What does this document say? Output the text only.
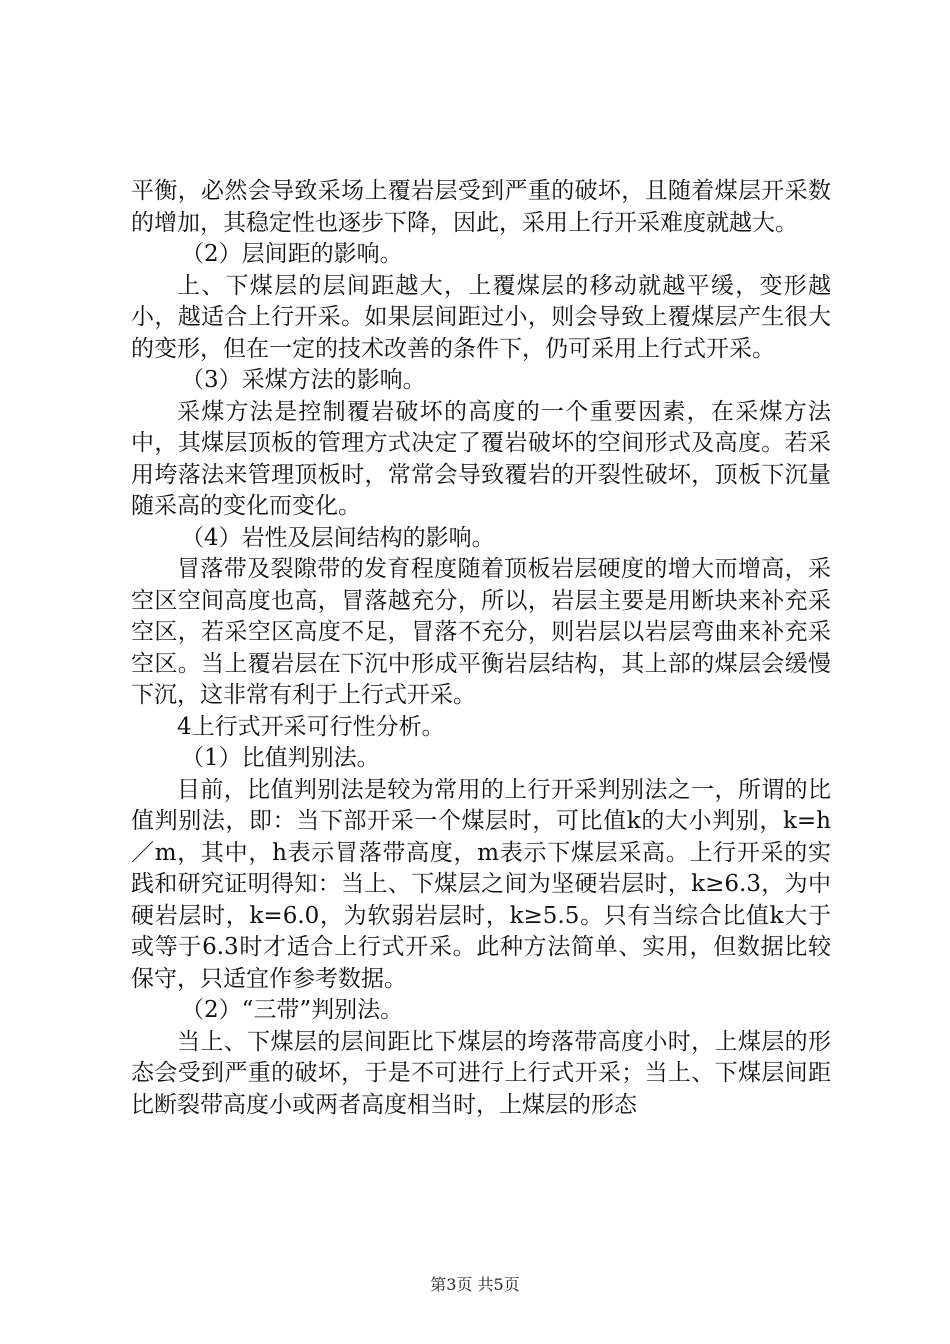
平衡，必然会导致采场上覆岩层受到严重的破坏，且随着煤层开采数的增加，其稳定性也逐步下降，因此，采用上行开采难度就越大。

（2）层间距的影响。

上、下煤层的层间距越大，上覆煤层的移动就越平缓，变形越小，越适合上行开采。如果层间距过小，则会导致上覆煤层产生很大的变形，但在一定的技术改善的条件下，仍可采用上行式开采。

（3）采煤方法的影响。

采煤方法是控制覆岩破坏的高度的一个重要因素，在采煤方法中，其煤层顶板的管理方式决定了覆岩破坏的空间形式及高度。若采用垮落法来管理顶板时，常常会导致覆岩的开裂性破坏，顶板下沉量随采高的变化而变化。

（4）岩性及层间结构的影响。

冒落带及裂隙带的发育程度随着顶板岩层硬度的增大而增高，采空区空间高度也高，冒落越充分，所以，岩层主要是用断块来补充采空区，若采空区高度不足，冒落不充分，则岩层以岩层弯曲来补充采空区。当上覆岩层在下沉中形成平衡岩层结构，其上部的煤层会缓慢下沉，这非常有利于上行式开采。

4上行式开采可行性分析。

（1）比值判别法。

目前，比值判别法是较为常用的上行开采判别法之一，所谓的比值判别法，即：当下部开采一个煤层时，可比值k的大小判别，k=h／m，其中，h表示冒落带高度，m表示下煤层采高。上行开采的实践和研究证明得知：当上、下煤层之间为坚硬岩层时，k≥6.3，为中硬岩层时，k=6.0，为软弱岩层时，k≥5.5。只有当综合比值k大于或等于6.3时才适合上行式开采。此种方法简单、实用，但数据比较保守，只适宜作参考数据。

（2）“三带”判别法。

当上、下煤层的层间距比下煤层的垮落带高度小时，上煤层的形态会受到严重的破坏，于是不可进行上行式开采；当上、下煤层间距比断裂带高度小或两者高度相当时，上煤层的形态

第3页 共5页
